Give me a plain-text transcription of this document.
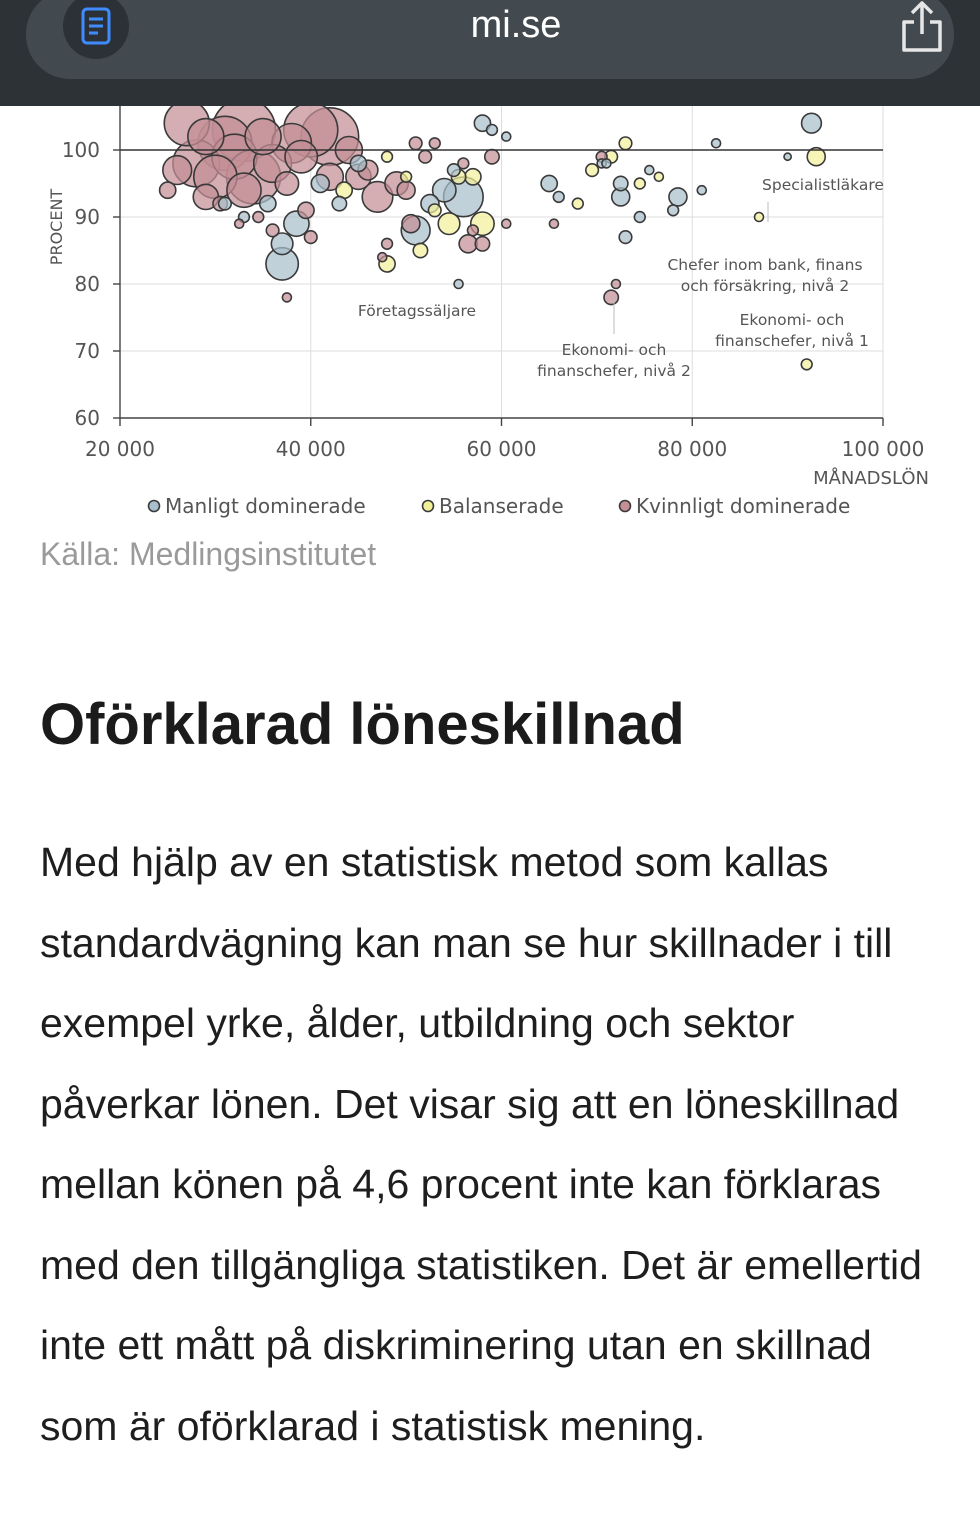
mi.se
60
70
80
90
100
20 000	40 000	60 000	80 000	100 000
PROCENT
MÅNADSLÖN
Specialistläkare
Chefer inom bank, finans och försäkring, nivå 2
Företagssäljare	Ekonomi- och finanschefer, nivå 1
Ekonomi- och finanschefer, nivå 2
Manligt dominerade	Balanserade	Kvinnligt dominerade
Källa: Medlingsinstitutet
Oförklarad löneskillnad

Med hjälp av en statistisk metod som kallas standardvägning kan man se hur skillnader i till exempel yrke, ålder, utbildning och sektor påverkar lönen. Det visar sig att en löneskillnad mellan könen på 4,6 procent inte kan förklaras med den tillgängliga statistiken. Det är emellertid inte ett mått på diskriminering utan en skillnad som är oförklarad i statistisk mening.
